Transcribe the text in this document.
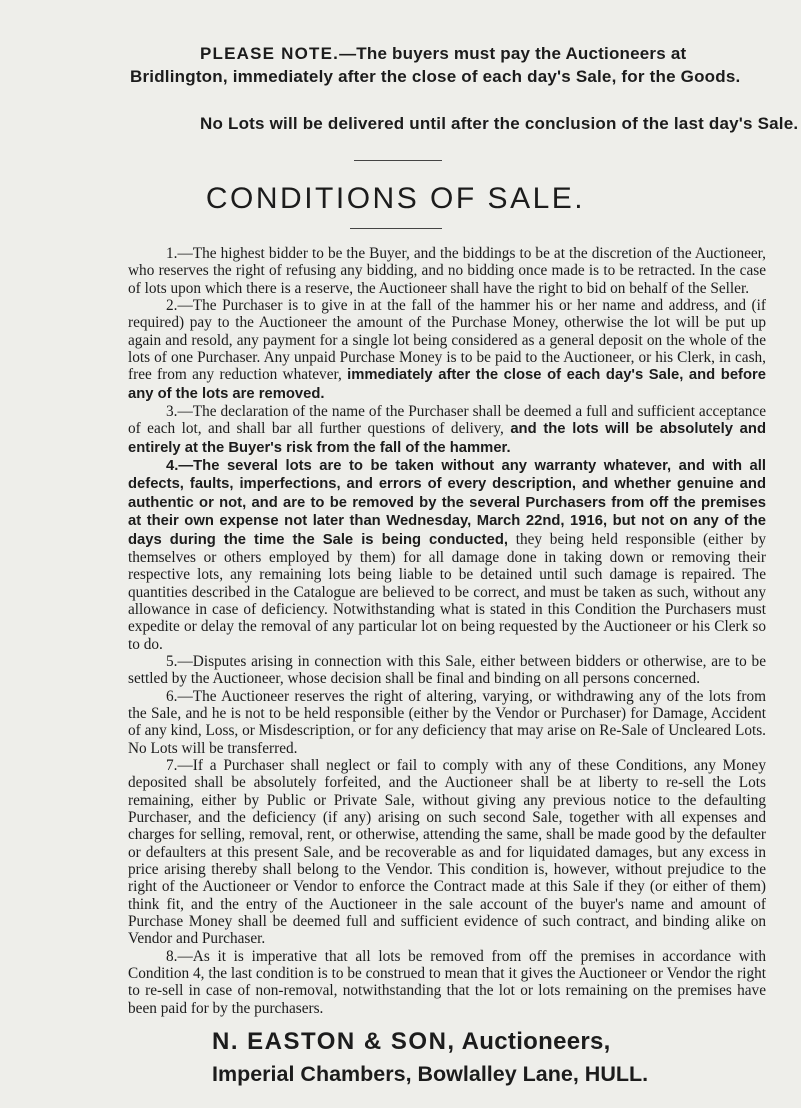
PLEASE NOTE.—The buyers must pay the Auctioneers at Bridlington, immediately after the close of each day's Sale, for the Goods.
No Lots will be delivered until after the conclusion of the last day's Sale.
CONDITIONS OF SALE.

1.—The highest bidder to be the Buyer, and the biddings to be at the discretion of the Auctioneer, who reserves the right of refusing any bidding, and no bidding once made is to be retracted. In the case of lots upon which there is a reserve, the Auctioneer shall have the right to bid on behalf of the Seller.

2.—The Purchaser is to give in at the fall of the hammer his or her name and address, and (if required) pay to the Auctioneer the amount of the Purchase Money, otherwise the lot will be put up again and resold, any payment for a single lot being considered as a general deposit on the whole of the lots of one Purchaser. Any unpaid Purchase Money is to be paid to the Auctioneer, or his Clerk, in cash, free from any reduction whatever, immediately after the close of each day's Sale, and before any of the lots are removed.

3.—The declaration of the name of the Purchaser shall be deemed a full and sufficient acceptance of each lot, and shall bar all further questions of delivery, and the lots will be absolutely and entirely at the Buyer's risk from the fall of the hammer.

4.—The several lots are to be taken without any warranty whatever, and with all defects, faults, imperfections, and errors of every description, and whether genuine and authentic or not, and are to be removed by the several Purchasers from off the premises at their own expense not later than Wednesday, March 22nd, 1916, but not on any of the days during the time the Sale is being conducted, they being held responsible (either by themselves or others employed by them) for all damage done in taking down or removing their respective lots, any remaining lots being liable to be detained until such damage is repaired. The quantities described in the Catalogue are believed to be correct, and must be taken as such, without any allowance in case of deficiency. Notwithstanding what is stated in this Condition the Purchasers must expedite or delay the removal of any particular lot on being requested by the Auctioneer or his Clerk so to do.

5.—Disputes arising in connection with this Sale, either between bidders or otherwise, are to be settled by the Auctioneer, whose decision shall be final and binding on all persons concerned.

6.—The Auctioneer reserves the right of altering, varying, or withdrawing any of the lots from the Sale, and he is not to be held responsible (either by the Vendor or Purchaser) for Damage, Accident of any kind, Loss, or Misdescription, or for any deficiency that may arise on Re-Sale of Uncleared Lots. No Lots will be transferred.

7.—If a Purchaser shall neglect or fail to comply with any of these Conditions, any Money deposited shall be absolutely forfeited, and the Auctioneer shall be at liberty to re-sell the Lots remaining, either by Public or Private Sale, without giving any previous notice to the defaulting Purchaser, and the deficiency (if any) arising on such second Sale, together with all expenses and charges for selling, removal, rent, or otherwise, attending the same, shall be made good by the defaulter or defaulters at this present Sale, and be recoverable as and for liquidated damages, but any excess in price arising thereby shall belong to the Vendor. This condition is, however, without prejudice to the right of the Auctioneer or Vendor to enforce the Contract made at this Sale if they (or either of them) think fit, and the entry of the Auctioneer in the sale account of the buyer's name and amount of Purchase Money shall be deemed full and sufficient evidence of such contract, and binding alike on Vendor and Purchaser.

8.—As it is imperative that all lots be removed from off the premises in accordance with Condition 4, the last condition is to be construed to mean that it gives the Auctioneer or Vendor the right to re-sell in case of non-removal, notwithstanding that the lot or lots remaining on the premises have been paid for by the purchasers.

N. EASTON & SON, Auctioneers,
Imperial Chambers, Bowlalley Lane, HULL.
